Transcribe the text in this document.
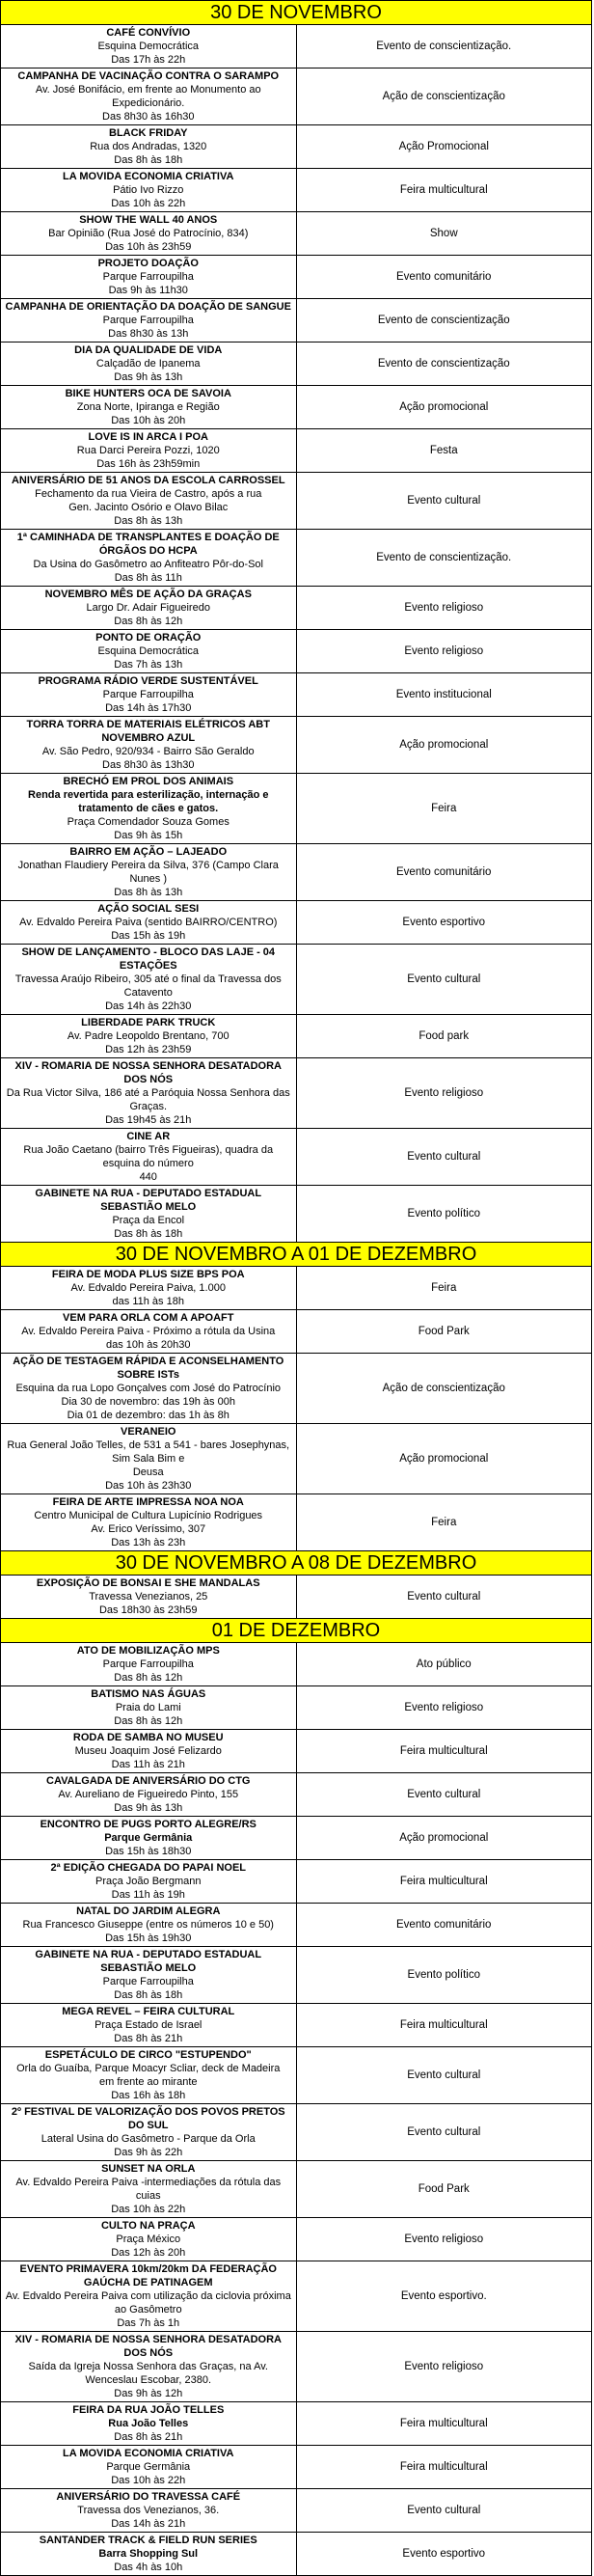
30 DE NOVEMBRO	

CAFÉ CONVÍVIO
Esquina Democrática
Das 17h às 22h	Evento de conscientização.

CAMPANHA DE VACINAÇÃO CONTRA O SARAMPO
Av. José Bonifácio, em frente ao Monumento ao Expedicionário.
Das 8h30 às 16h30	Ação de conscientização

BLACK FRIDAY
Rua dos Andradas, 1320
Das 8h às 18h	Ação Promocional

LA MOVIDA ECONOMIA CRIATIVA
Pátio Ivo Rizzo
Das 10h às 22h	Feira multicultural

SHOW THE WALL 40 ANOS
Bar Opinião (Rua José do Patrocínio, 834)
Das 10h às 23h59	Show

PROJETO DOAÇÃO
Parque Farroupilha
Das 9h às 11h30	Evento comunitário

CAMPANHA DE ORIENTAÇÃO DA DOAÇÃO DE SANGUE
Parque Farroupilha
Das 8h30 às 13h	Evento de conscientização

DIA DA QUALIDADE DE VIDA
Calçadão de Ipanema
Das 9h às 13h	Evento de conscientização

BIKE HUNTERS OCA DE SAVOIA
Zona Norte, Ipiranga e Região
Das 10h às 20h	Ação promocional

LOVE IS IN ARCA I POA
Rua Darci Pereira Pozzi, 1020
Das 16h às 23h59min	Festa

ANIVERSÁRIO DE 51 ANOS DA ESCOLA CARROSSEL
Fechamento da rua Vieira de Castro, após a rua
Gen. Jacinto Osório e Olavo Bilac
Das 8h às 13h	Evento cultural

1ª CAMINHADA DE TRANSPLANTES E DOAÇÃO DE ÓRGÃOS DO HCPA
Da Usina do Gasômetro ao Anfiteatro Pôr-do-Sol
Das 8h às 11h	Evento de conscientização.

NOVEMBRO MÊS DE AÇÃO DA GRAÇAS
Largo Dr. Adair Figueiredo
Das 8h às 12h	Evento religioso

PONTO DE ORAÇÃO
Esquina Democrática
Das 7h às 13h	Evento religioso

PROGRAMA RÁDIO VERDE SUSTENTÁVEL
Parque Farroupilha
Das 14h às 17h30	Evento institucional

TORRA TORRA DE MATERIAIS ELÉTRICOS ABT NOVEMBRO AZUL
Av. São Pedro, 920/934 - Bairro São Geraldo
Das 8h30 às 13h30	Ação promocional

BRECHÓ EM PROL DOS ANIMAIS
Renda revertida para esterilização, internação e tratamento de cães e gatos.
Praça Comendador Souza Gomes
Das 9h às 15h	Feira

BAIRRO EM AÇÃO – LAJEADO
Jonathan Flaudiery Pereira da Silva, 376 (Campo Clara Nunes )
Das 8h às 13h	Evento comunitário

AÇÃO SOCIAL SESI
Av. Edvaldo Pereira Paiva (sentido BAIRRO/CENTRO)
Das 15h às 19h	Evento esportivo

SHOW DE LANÇAMENTO - BLOCO DAS LAJE - 04 ESTAÇÕES
Travessa Araújo Ribeiro, 305 até o final da Travessa dos Catavento
Das 14h às 22h30	Evento cultural

LIBERDADE PARK TRUCK
Av. Padre Leopoldo Brentano, 700
Das 12h às 23h59	Food park

XIV - ROMARIA DE NOSSA SENHORA DESATADORA DOS NÓS
Da Rua Victor Silva, 186 até a Paróquia Nossa Senhora das Graças.
Das 19h45 às 21h	Evento religioso

CINE AR
Rua João Caetano (bairro Três Figueiras), quadra da esquina do número
440	Evento cultural

GABINETE NA RUA - DEPUTADO ESTADUAL SEBASTIÃO MELO
Praça da Encol
Das 8h às 18h	Evento político
30 DE NOVEMBRO A 01 DE DEZEMBRO	

FEIRA DE MODA PLUS SIZE BPS POA
Av. Edvaldo Pereira Paiva, 1.000
das 11h às 18h	Feira

VEM PARA ORLA COM A APOAFT
Av. Edvaldo Pereira Paiva - Próximo a rótula da Usina
das 10h às 20h30	Food Park

AÇÃO DE TESTAGEM RÁPIDA E ACONSELHAMENTO SOBRE ISTs
Esquina da rua Lopo Gonçalves com José do Patrocínio
Dia 30 de novembro: das 19h às 00h
Dia 01 de dezembro: das 1h às 8h	Ação de conscientização

VERANEIO
Rua General João Telles, de 531 a 541 - bares Josephynas, Sim Sala Bim e
Deusa
Das 10h às 23h30	Ação promocional

FEIRA DE ARTE IMPRESSA NOA NOA
Centro Municipal de Cultura Lupicínio Rodrigues
Av. Erico Veríssimo, 307
Das 13h às 23h	Feira
30 DE NOVEMBRO A 08 DE DEZEMBRO	

EXPOSIÇÃO DE BONSAI E SHE MANDALAS
Travessa Venezianos, 25
Das 18h30 às 23h59	Evento cultural
01 DE DEZEMBRO	

ATO DE MOBILIZAÇÃO MPS
Parque Farroupilha
Das 8h às 12h	Ato público

BATISMO NAS ÁGUAS
Praia do Lami
Das 8h às 12h	Evento religioso

RODA DE SAMBA NO MUSEU
Museu Joaquim José Felizardo
Das 11h às 21h	Feira multicultural

CAVALGADA DE ANIVERSÁRIO DO CTG
Av. Aureliano de Figueiredo Pinto, 155
Das 9h às 13h	Evento cultural

ENCONTRO DE PUGS PORTO ALEGRE/RS
Parque Germânia
Das 15h às 18h30	Ação promocional

2ª EDIÇÃO CHEGADA DO PAPAI NOEL
Praça João Bergmann
Das 11h às 19h	Feira multicultural

NATAL DO JARDIM ALEGRA
Rua Francesco Giuseppe (entre os números 10 e 50)
Das 15h às 19h30	Evento comunitário

GABINETE NA RUA - DEPUTADO ESTADUAL SEBASTIÃO MELO
Parque Farroupilha
Das 8h às 18h	Evento político

MEGA REVEL – FEIRA CULTURAL
Praça Estado de Israel
Das 8h às 21h	Feira multicultural

ESPETÁCULO DE CIRCO "ESTUPENDO"
Orla do Guaíba, Parque Moacyr Scliar, deck de Madeira
em frente ao mirante
Das 16h às 18h	Evento cultural

2º FESTIVAL DE VALORIZAÇÃO DOS POVOS PRETOS DO SUL
Lateral Usina do Gasômetro - Parque da Orla
Das 9h às 22h	Evento cultural

SUNSET NA ORLA
Av. Edvaldo Pereira Paiva -intermediações da rótula das cuias
Das 10h às 22h	Food Park

CULTO NA PRAÇA
Praça México
Das 12h às 20h	Evento religioso

EVENTO PRIMAVERA 10km/20km DA FEDERAÇÃO GAÚCHA DE PATINAGEM
Av. Edvaldo Pereira Paiva com utilização da ciclovia próxima ao Gasômetro
Das 7h às 1h	Evento esportivo.

XIV - ROMARIA DE NOSSA SENHORA DESATADORA DOS NÓS
Saída da Igreja Nossa Senhora das Graças, na Av. Wenceslau Escobar, 2380.
Das 9h às 12h	Evento religioso

FEIRA DA RUA JOÃO TELLES
Rua João Telles
Das 8h às 21h	Feira multicultural

LA MOVIDA ECONOMIA CRIATIVA
Parque Germânia
Das 10h às 22h	Feira multicultural

ANIVERSÁRIO DO TRAVESSA CAFÉ
Travessa dos Venezianos, 36.
Das 14h às 21h	Evento cultural

SANTANDER TRACK & FIELD RUN SERIES
Barra Shopping Sul
Das 4h às 10h	Evento esportivo
